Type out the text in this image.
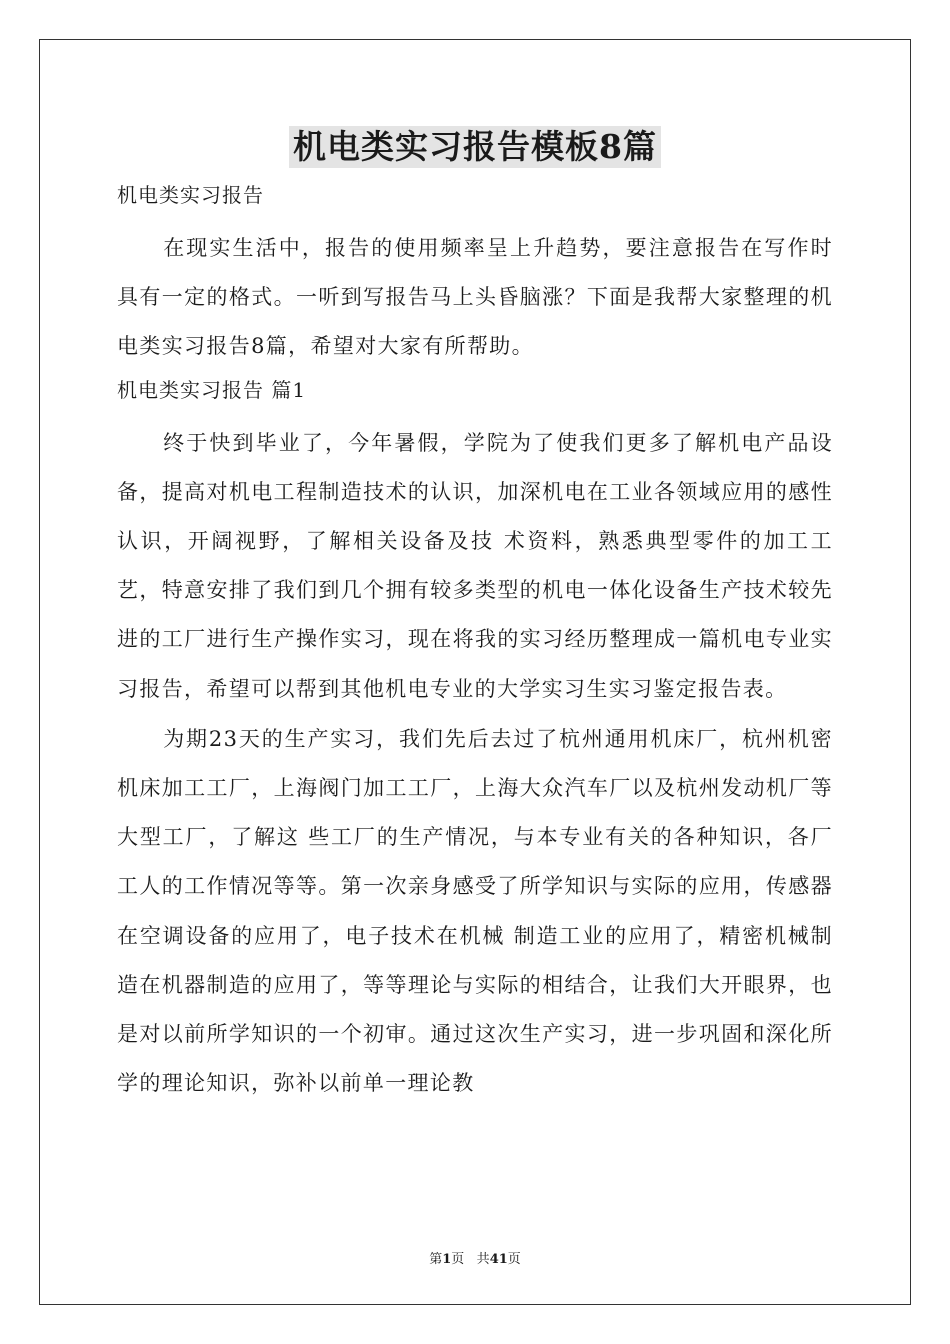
机电类实习报告模板8篇
机电类实习报告

在现实生活中，报告的使用频率呈上升趋势，要注意报告在写作时具有一定的格式。一听到写报告马上头昏脑涨？下面是我帮大家整理的机电类实习报告8篇，希望对大家有所帮助。

机电类实习报告 篇1

终于快到毕业了，今年暑假，学院为了使我们更多了解机电产品设备，提高对机电工程制造技术的认识，加深机电在工业各领域应用的感性认识，开阔视野，了解相关设备及技 术资料，熟悉典型零件的加工工艺，特意安排了我们到几个拥有较多类型的机电一体化设备生产技术较先进的工厂进行生产操作实习，现在将我的实习经历整理成一篇机电专业实习报告，希望可以帮到其他机电专业的大学实习生实习鉴定报告表。

为期23天的生产实习，我们先后去过了杭州通用机床厂，杭州机密机床加工工厂，上海阀门加工工厂，上海大众汽车厂以及杭州发动机厂等大型工厂，了解这 些工厂的生产情况，与本专业有关的各种知识，各厂工人的工作情况等等。第一次亲身感受了所学知识与实际的应用，传感器在空调设备的应用了，电子技术在机械 制造工业的应用了，精密机械制造在机器制造的应用了，等等理论与实际的相结合，让我们大开眼界，也是对以前所学知识的一个初审。通过这次生产实习，进一步巩固和深化所学的理论知识，弥补以前单一理论教

第1页 共41页
